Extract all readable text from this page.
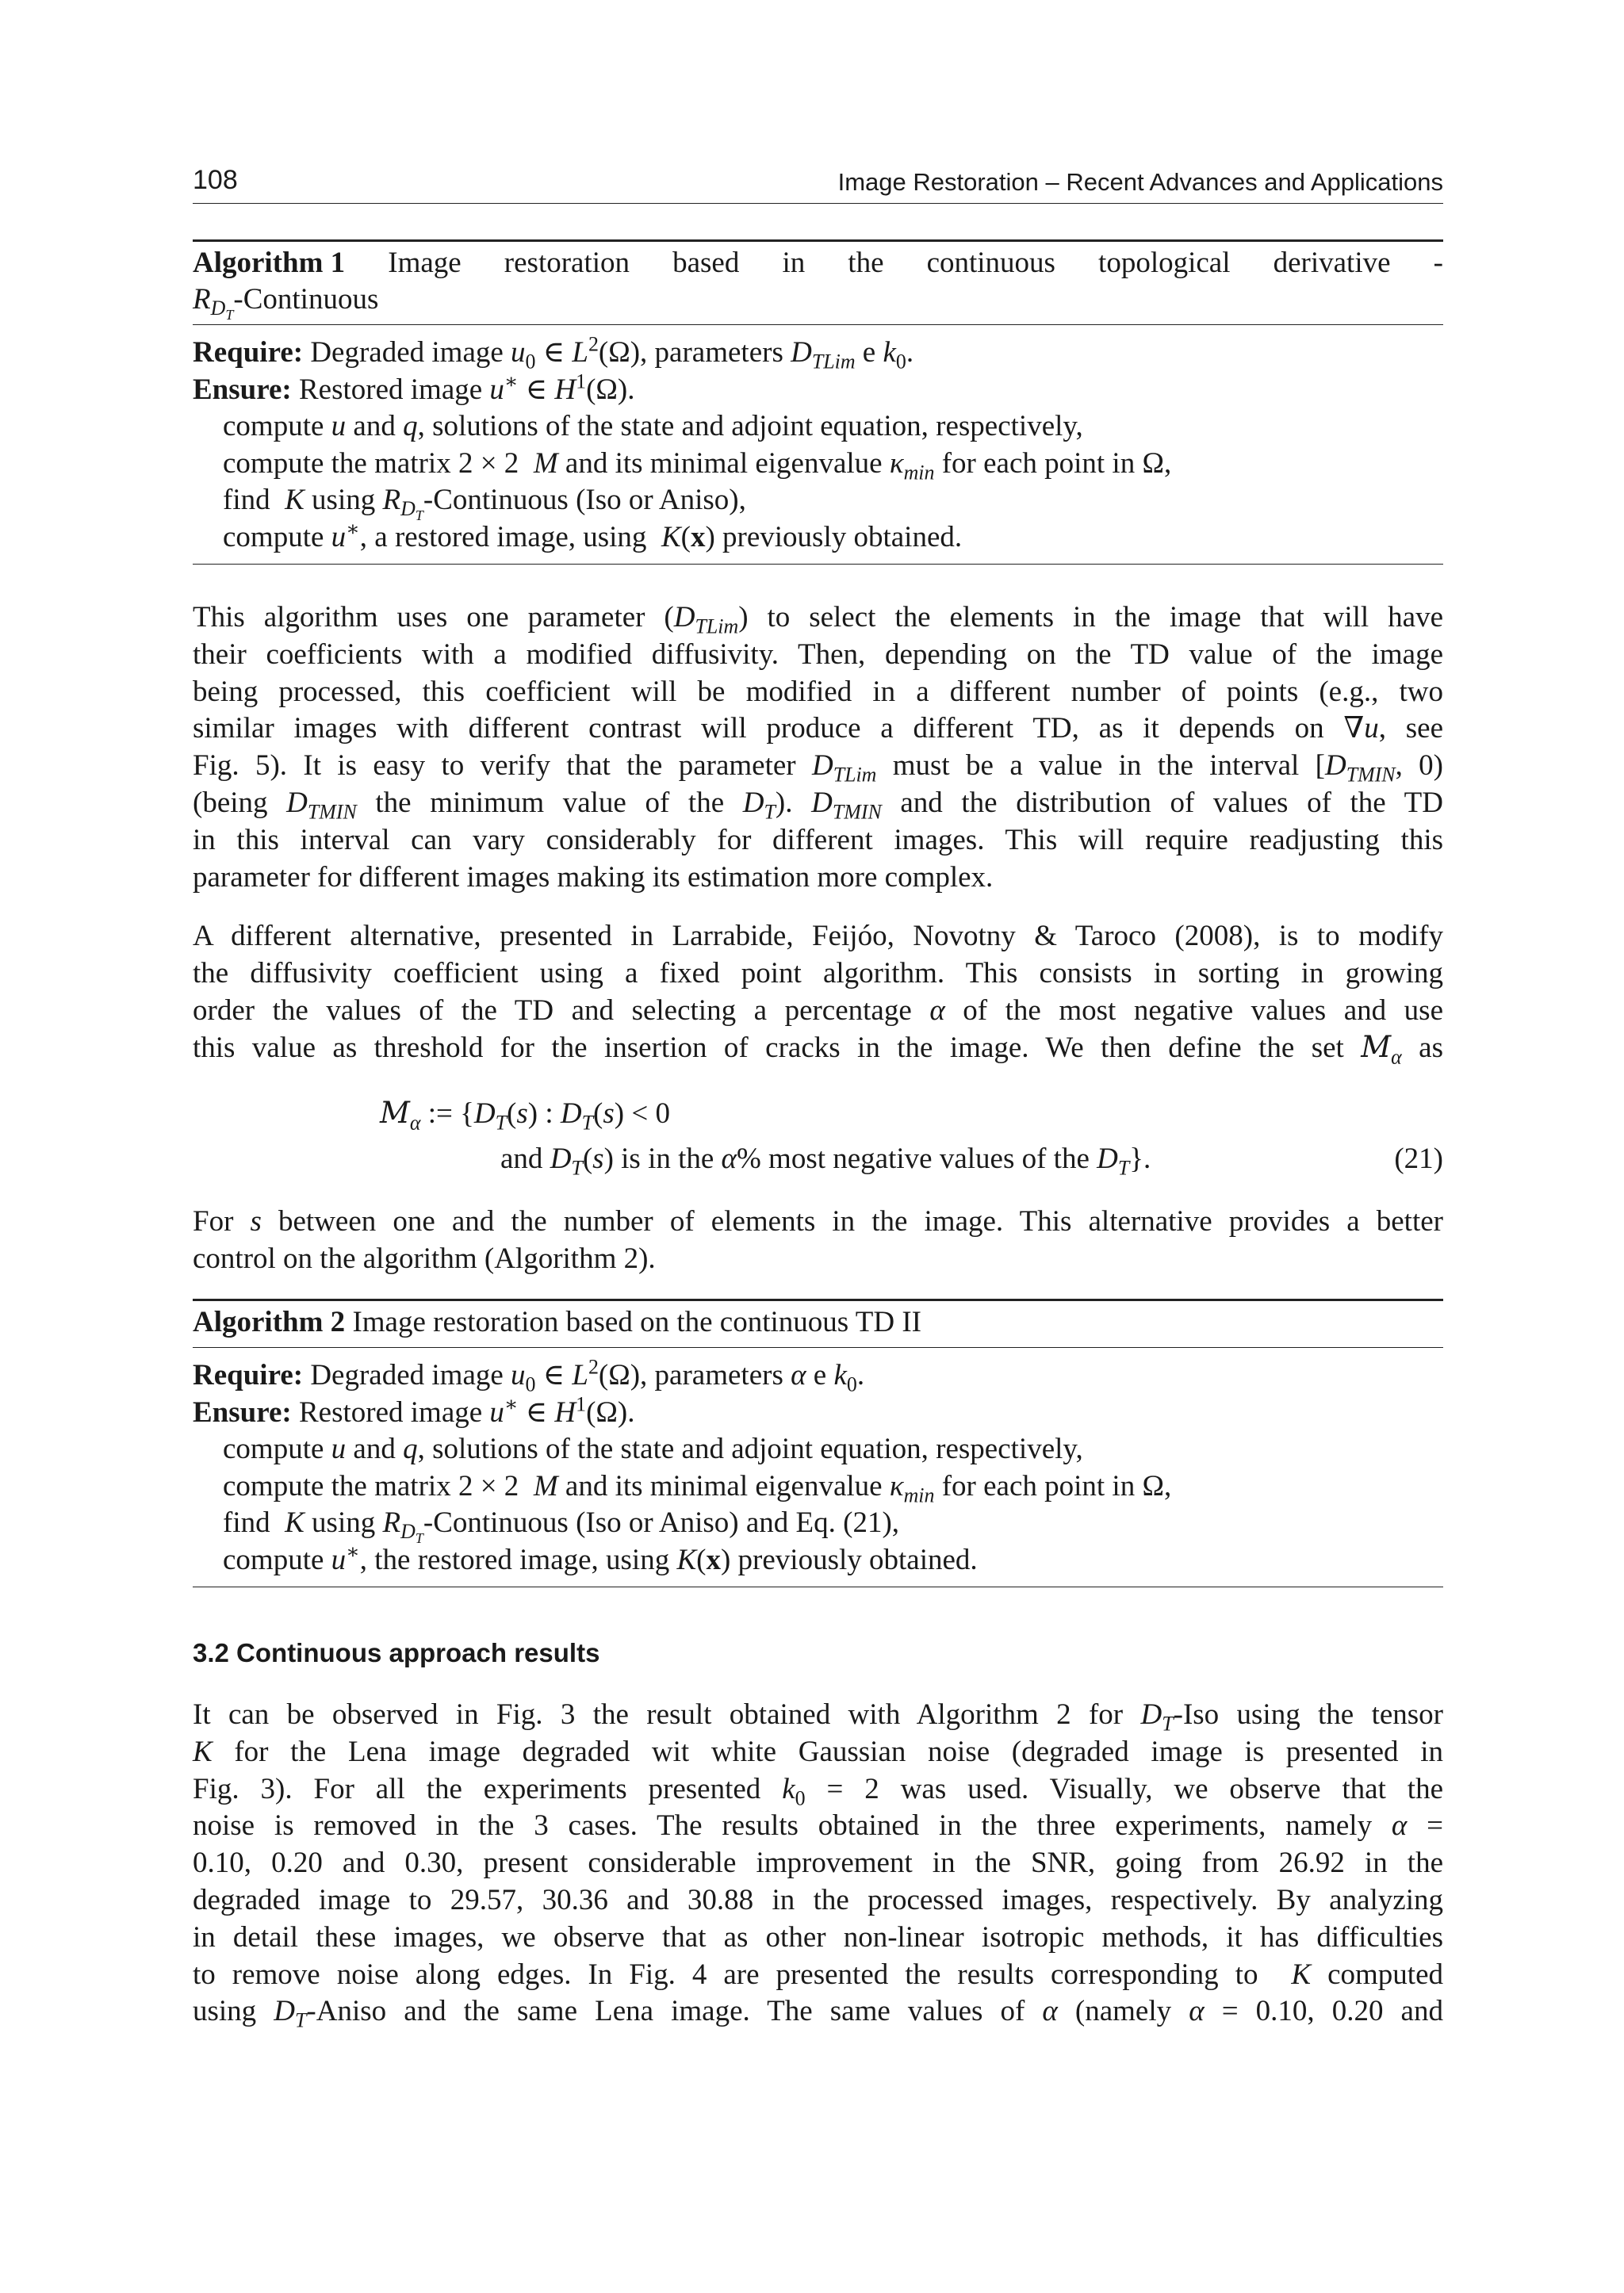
108	Image Restoration – Recent Advances and Applications
Algorithm 1 Image restoration based in the continuous topological derivative -
$R_{D_T}$-Continuous
Require: Degraded image $u_0$ ∈ $L^2(\Omega)$, parameters $D_{TLim}$ e $k_0$.
Ensure: Restored image u∗ ∈ $H^1(\Omega)$.
compute u and q, solutions of the state and adjoint equation, respectively,
compute the matrix 2 × 2  M and its minimal eigenvalue $\kappa_{min}$ for each point in Ω,
find  K using $R_{D_T}$-Continuous (Iso or Aniso),
compute u∗, a restored image, using  K(x) previously obtained.
This algorithm uses one parameter $(D_{TLim})$ to select the elements in the image that will have
their coefficients with a modified diffusivity. Then, depending on the TD value of the image
being processed, this coefficient will be modified in a different number of points (e.g., two
similar images with different contrast will produce a different TD, as it depends on ∇u, see
Fig. 5). It is easy to verify that the parameter $D_{TLim}$ must be a value in the interval [$D_{TMIN}$, 0)
(being $D_{TMIN}$ the minimum value of the $D_T$). $D_{TMIN}$ and the distribution of values of the TD
in this interval can vary considerably for different images. This will require readjusting this
parameter for different images making its estimation more complex.
A different alternative, presented in Larrabide, Feijóo, Novotny & Taroco (2008), is to modify
the diffusivity coefficient using a fixed point algorithm. This consists in sorting in growing
order the values of the TD and selecting a percentage α of the most negative values and use
this value as threshold for the insertion of cracks in the image. We then define the set $M_\alpha$ as
$M_\alpha$ := {$D_T(s)$ : $D_T(s) < 0$
and $D_T(s)$ is in the α% most negative values of the $D_T$}.	(21)
For s between one and the number of elements in the image. This alternative provides a better
control on the algorithm (Algorithm 2).
Algorithm 2 Image restoration based on the continuous TD II
Require: Degraded image $u_0$ ∈ $L^2(\Omega)$, parameters α e $k_0$.
Ensure: Restored image u∗ ∈ $H^1(\Omega)$.
compute u and q, solutions of the state and adjoint equation, respectively,
compute the matrix 2 × 2  M and its minimal eigenvalue $\kappa_{min}$ for each point in Ω,
find  K using $R_{D_T}$-Continuous (Iso or Aniso) and Eq. (21),
compute u∗, the restored image, using K(x) previously obtained.
3.2 Continuous approach results
It can be observed in Fig. 3 the result obtained with Algorithm 2 for $D_T$-Iso using the tensor
K for the Lena image degraded wit white Gaussian noise (degraded image is presented in
Fig. 3). For all the experiments presented $k_0 = 2$ was used. Visually, we observe that the
noise is removed in the 3 cases. The results obtained in the three experiments, namely α =
0.10, 0.20 and 0.30, present considerable improvement in the SNR, going from 26.92 in the
degraded image to 29.57, 30.36 and 30.88 in the processed images, respectively. By analyzing
in detail these images, we observe that as other non-linear isotropic methods, it has difficulties
to remove noise along edges. In Fig. 4 are presented the results corresponding to  K computed
using $D_T$-Aniso and the same Lena image. The same values of α (namely α = 0.10, 0.20 and
